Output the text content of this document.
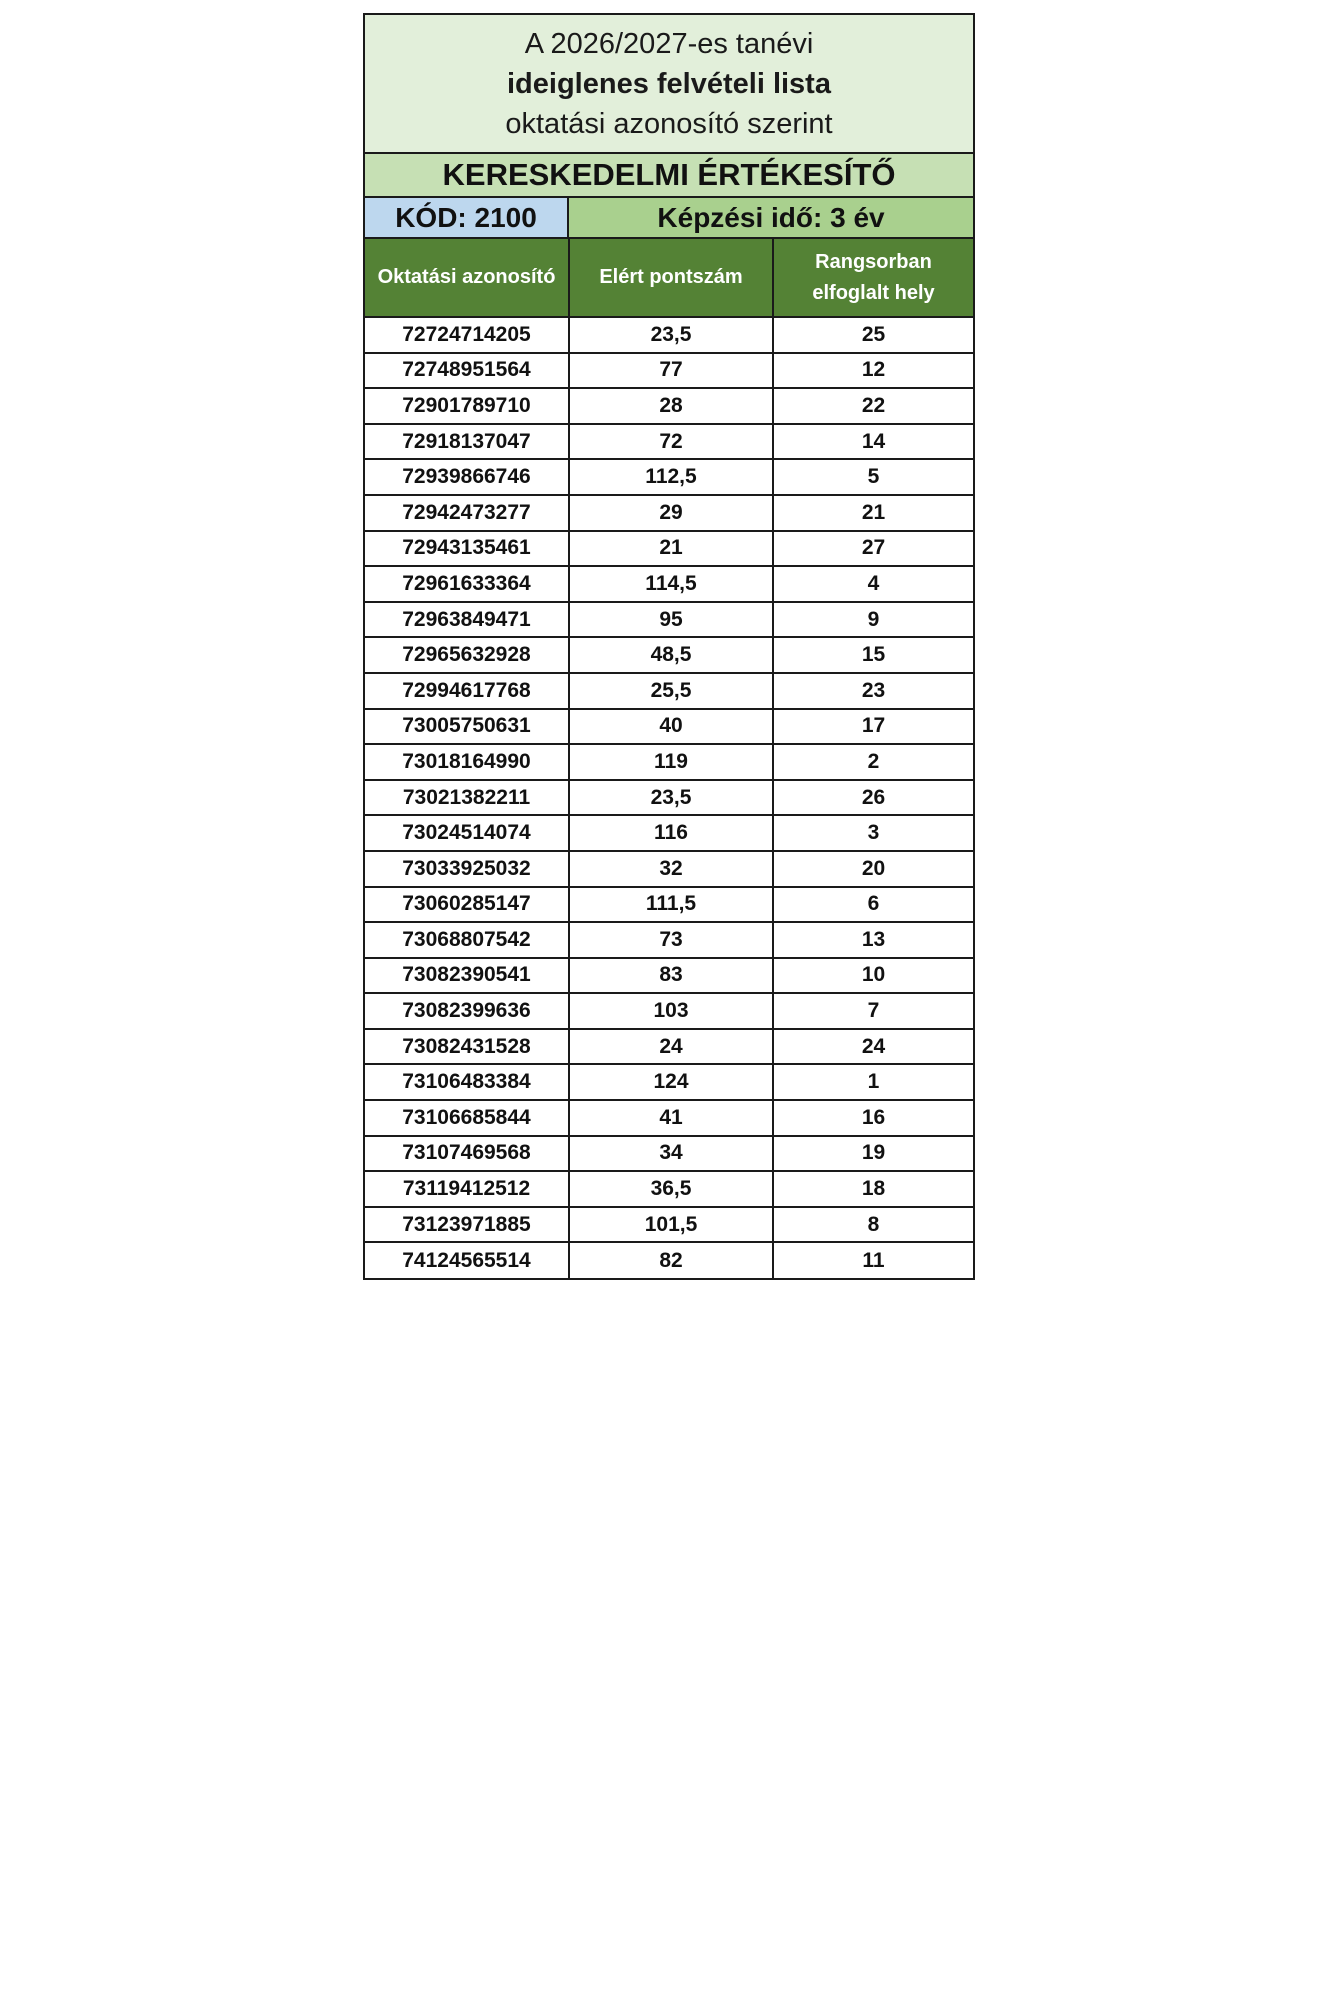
A 2026/2027-es tanévi
ideiglenes felvételi lista
oktatási azonosító szerint
KERESKEDELMI ÉRTÉKESÍTŐ
KÓD: 2100	Képzési idő: 3 év
Oktatási azonosító	Elért pontszám	Rangsorban elfoglalt hely
72724714205	23,5	25
72748951564	77	12
72901789710	28	22
72918137047	72	14
72939866746	112,5	5
72942473277	29	21
72943135461	21	27
72961633364	114,5	4
72963849471	95	9
72965632928	48,5	15
72994617768	25,5	23
73005750631	40	17
73018164990	119	2
73021382211	23,5	26
73024514074	116	3
73033925032	32	20
73060285147	111,5	6
73068807542	73	13
73082390541	83	10
73082399636	103	7
73082431528	24	24
73106483384	124	1
73106685844	41	16
73107469568	34	19
73119412512	36,5	18
73123971885	101,5	8
74124565514	82	11
